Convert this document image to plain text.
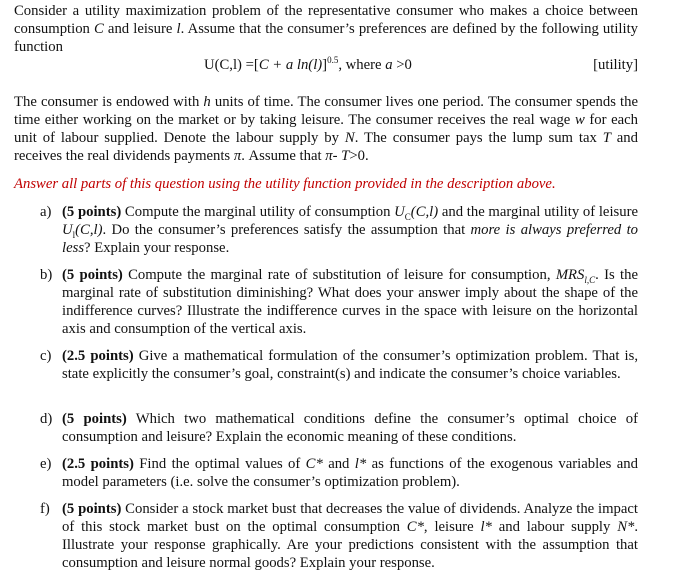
Consider a utility maximization problem of the representative consumer who makes a choice between consumption C and leisure l. Assume that the consumer’s preferences are defined by the following utility function

U(C,l) =[C + a ln(l)]$^{0.5}$, where a >0	[utility]

The consumer is endowed with h units of time. The consumer lives one period. The consumer spends the time either working on the market or by taking leisure. The consumer receives the real wage w for each unit of labour supplied. Denote the labour supply by N. The consumer pays the lump sum tax T and receives the real dividends payments π. Assume that π- T>0.

Answer all parts of this question using the utility function provided in the description above.

a) (5 points) Compute the marginal utility of consumption $U_C(C,l)$ and the marginal utility of leisure $U_l(C,l)$. Do the consumer’s preferences satisfy the assumption that more is always preferred to less? Explain your response.
b) (5 points) Compute the marginal rate of substitution of leisure for consumption, $MRS_{l,C}$. Is the marginal rate of substitution diminishing? What does your answer imply about the shape of the indifference curves? Illustrate the indifference curves in the space with leisure on the horizontal axis and consumption of the vertical axis.
c) (2.5 points) Give a mathematical formulation of the consumer’s optimization problem. That is, state explicitly the consumer’s goal, constraint(s) and indicate the consumer’s choice variables.
d) (5 points) Which two mathematical conditions define the consumer’s optimal choice of consumption and leisure? Explain the economic meaning of these conditions.
e) (2.5 points) Find the optimal values of C* and l* as functions of the exogenous variables and model parameters (i.e. solve the consumer’s optimization problem).
f) (5 points) Consider a stock market bust that decreases the value of dividends. Analyze the impact of this stock market bust on the optimal consumption C*, leisure l* and labour supply N*. Illustrate your response graphically. Are your predictions consistent with the assumption that consumption and leisure normal goods? Explain your response.
